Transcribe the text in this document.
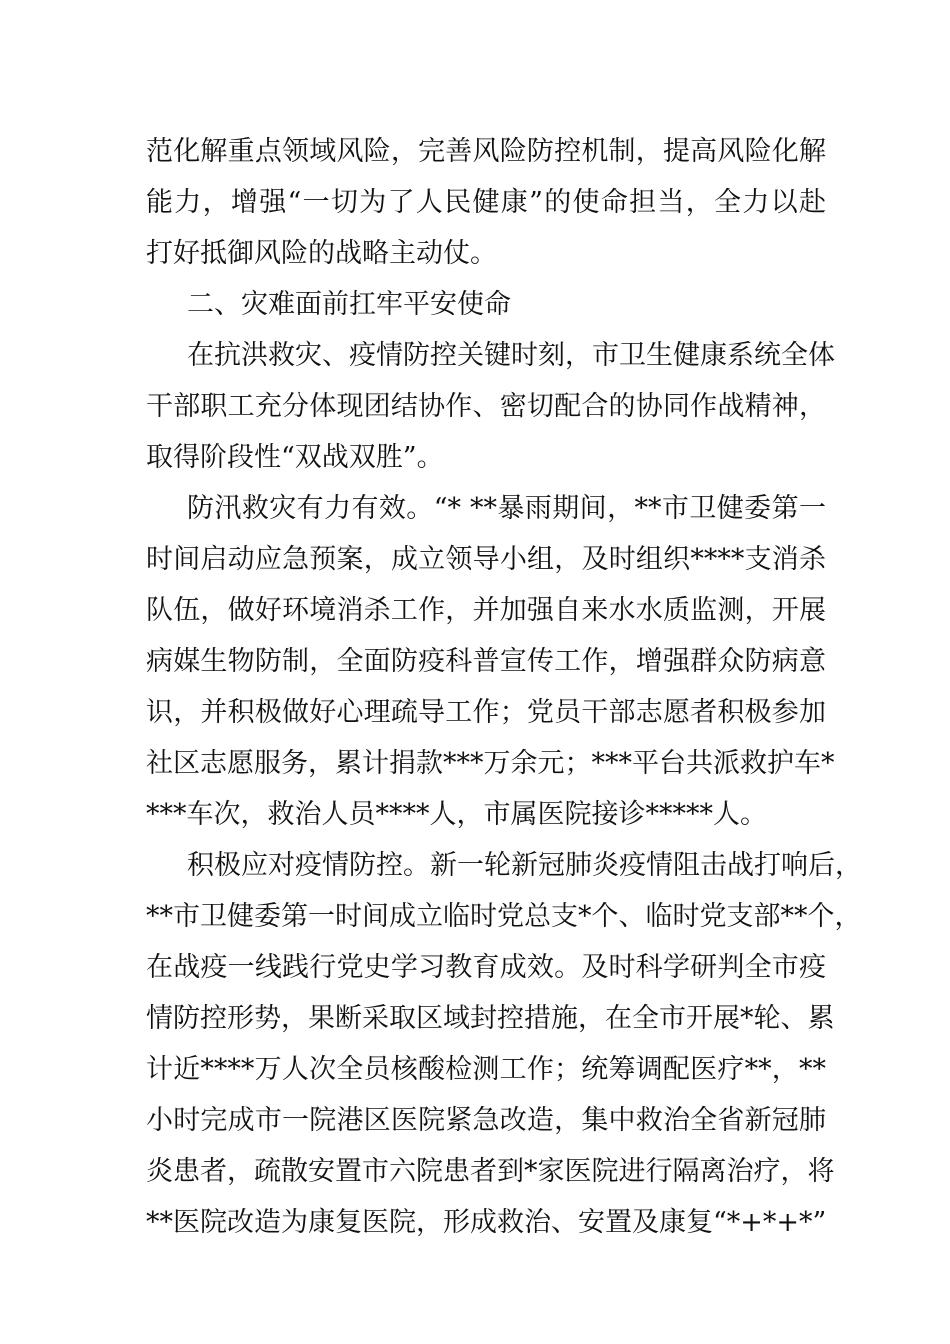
范化解重点领域风险，完善风险防控机制，提高风险化解
能力，增强“一切为了人民健康”的使命担当，全力以赴
打好抵御风险的战略主动仗。
二、灾难面前扛牢平安使命
在抗洪救灾、疫情防控关键时刻，市卫生健康系统全体
干部职工充分体现团结协作、密切配合的协同作战精神，
取得阶段性“双战双胜”。
防汛救灾有力有效。“* **暴雨期间，**市卫健委第一
时间启动应急预案，成立领导小组，及时组织****支消杀
队伍，做好环境消杀工作，并加强自来水水质监测，开展
病媒生物防制，全面防疫科普宣传工作，增强群众防病意
识，并积极做好心理疏导工作；党员干部志愿者积极参加
社区志愿服务，累计捐款***万余元；***平台共派救护车*
***车次，救治人员****人，市属医院接诊*****人。
积极应对疫情防控。新一轮新冠肺炎疫情阻击战打响后，
**市卫健委第一时间成立临时党总支*个、临时党支部**个，
在战疫一线践行党史学习教育成效。及时科学研判全市疫
情防控形势，果断采取区域封控措施，在全市开展*轮、累
计近****万人次全员核酸检测工作；统筹调配医疗**，**
小时完成市一院港区医院紧急改造，集中救治全省新冠肺
炎患者，疏散安置市六院患者到*家医院进行隔离治疗，将
**医院改造为康复医院，形成救治、安置及康复“*+*+*”
